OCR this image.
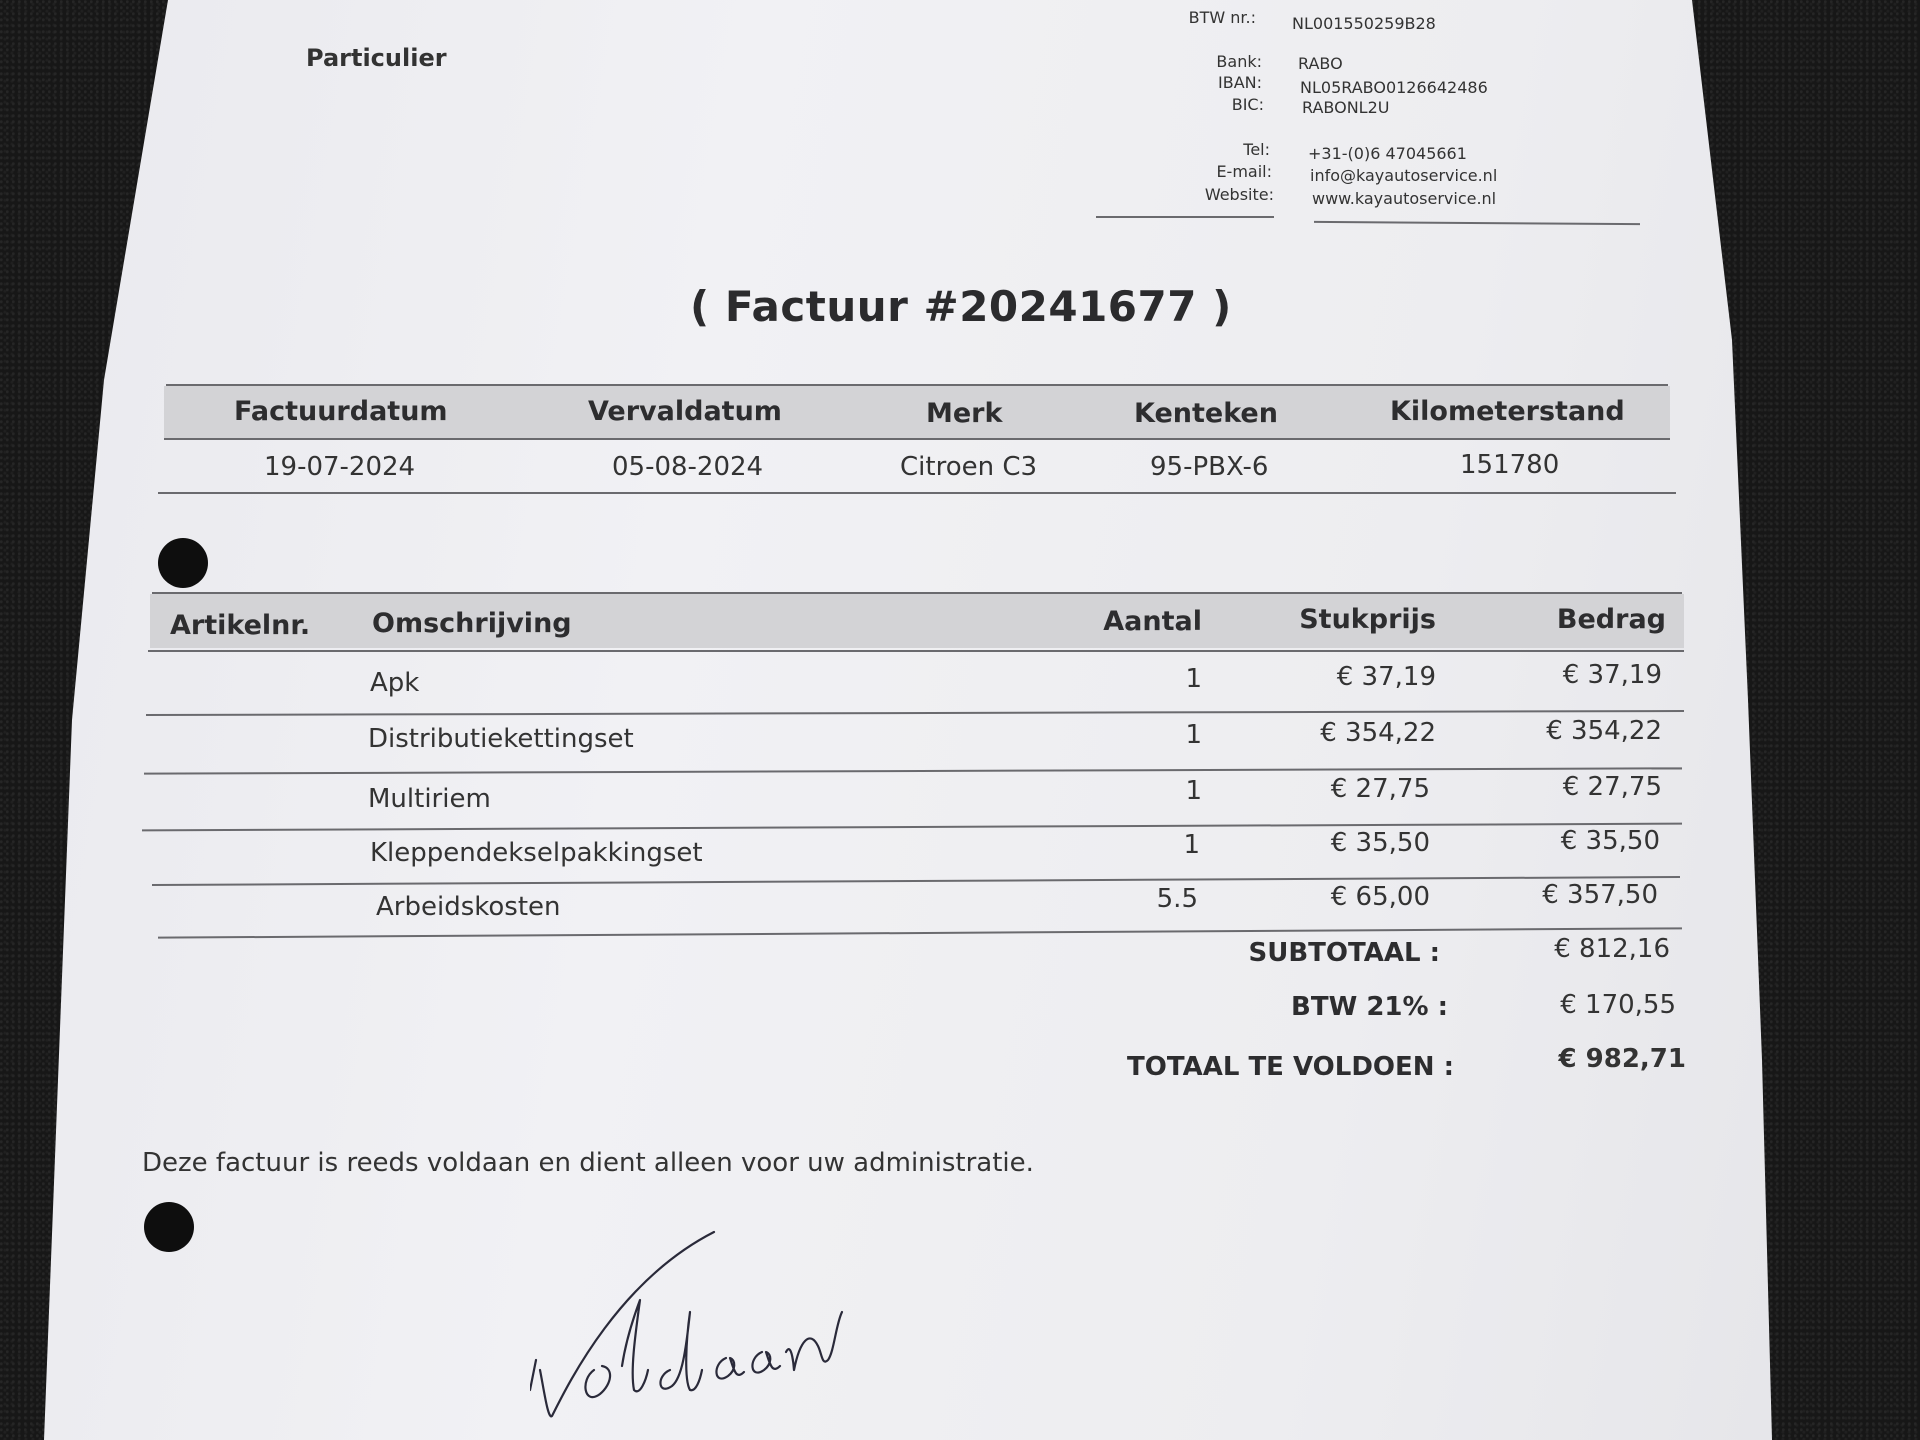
Particulier
BTW nr.: NL001550259B28
Bank: RABO
IBAN: NL05RABO0126642486
BIC: RABONL2U
Tel: +31-(0)6 47045661
E-mail: info@kayautoservice.nl
Website: www.kayautoservice.nl
( Factuur #20241677 )
Factuurdatum	Vervaldatum	Merk	Kenteken	Kilometerstand
19-07-2024	05-08-2024	Citroen C3	95-PBX-6	151780
Artikelnr. Omschrijving	Aantal	Stukprijs	Bedrag
Apk	1	€ 37,19	€ 37,19
Distributiekettingset	1	€ 354,22	€ 354,22
Multiriem	1	€ 27,75	€ 27,75
Kleppendekselpakkingset	1	€ 35,50	€ 35,50
Arbeidskosten	5.5	€ 65,00	€ 357,50
SUBTOTAAL :	€ 812,16
BTW 21% :	€ 170,55
TOTAAL TE VOLDOEN :	€ 982,71
Deze factuur is reeds voldaan en dient alleen voor uw administratie.
